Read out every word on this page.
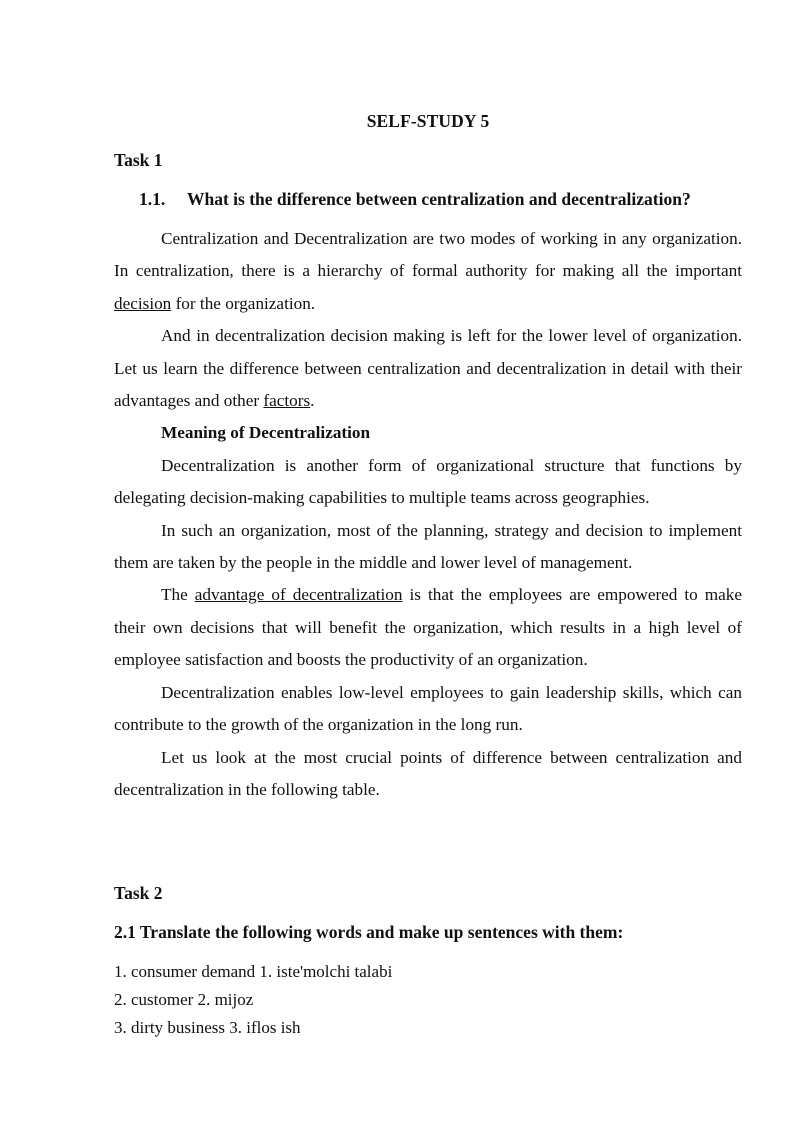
SELF-STUDY 5
Task 1
1.1. What is the difference between centralization and decentralization?

Centralization and Decentralization are two modes of working in any organization. In centralization, there is a hierarchy of formal authority for making all the important decision for the organization.

And in decentralization decision making is left for the lower level of organization. Let us learn the difference between centralization and decentralization in detail with their advantages and other factors.

Meaning of Decentralization

Decentralization is another form of organizational structure that functions by delegating decision-making capabilities to multiple teams across geographies.

In such an organization, most of the planning, strategy and decision to implement them are taken by the people in the middle and lower level of management.

The advantage of decentralization is that the employees are empowered to make their own decisions that will benefit the organization, which results in a high level of employee satisfaction and boosts the productivity of an organization.

Decentralization enables low-level employees to gain leadership skills, which can contribute to the growth of the organization in the long run.

Let us look at the most crucial points of difference between centralization and decentralization in the following table.

Task 2
2.1 Translate the following words and make up sentences with them:
1. consumer demand 1. iste'molchi talabi
2. customer 2. mijoz
3. dirty business 3. iflos ish
